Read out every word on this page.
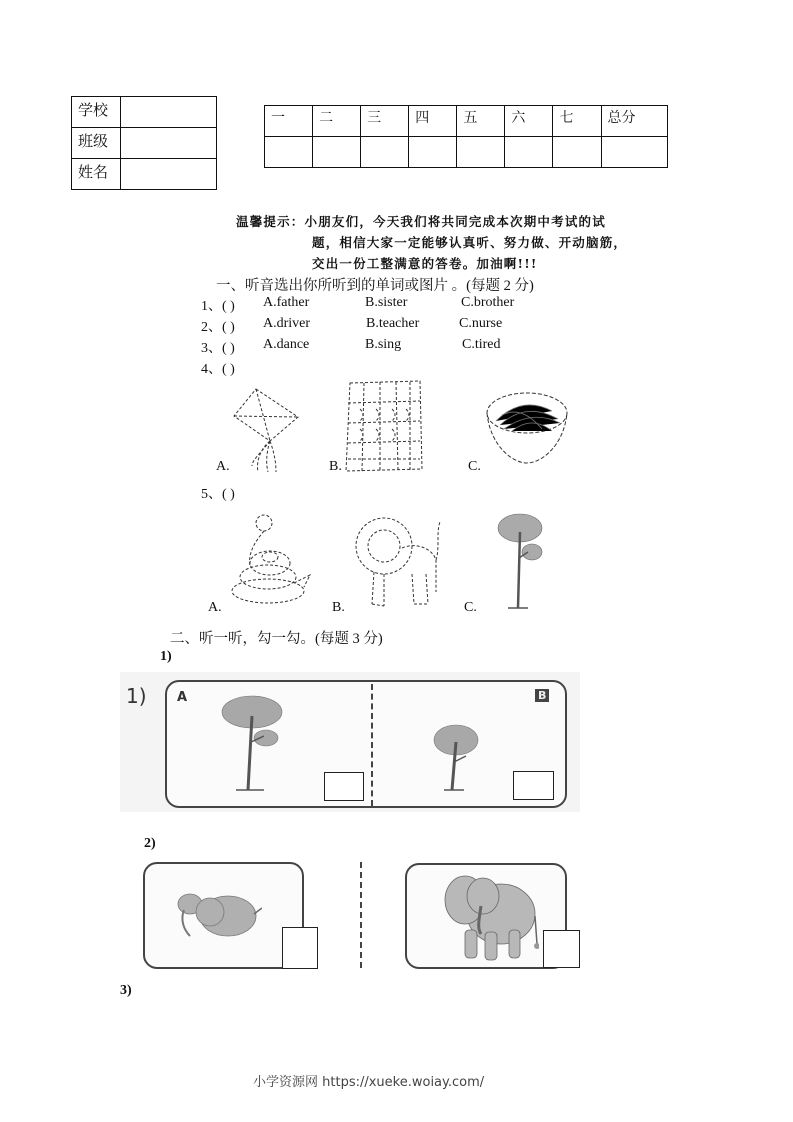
学校	
班级	
姓名	
一	二	三	四	五	六	七	总分

温馨提示：小朋友们，今天我们将共同完成本次期中考试的试
题，相信大家一定能够认真听、努力做、开动脑筋，
交出一份工整满意的答卷。加油啊!!!
一、听音选出你所听到的单词或图片 。(每题 2 分)
1、( ) A.father	B.sister	C.brother
2、( ) A.driver	B.teacher	C.nurse
3、( ) A.dance	B.sing	C.tired
4、( )
A.	B.	C.
5、( )
A.	B.	C.
二、听一听，勾一勾。(每题 3 分)
1)
1) A	B
2)
3)
小学资源网 https://xueke.woiay.com/
